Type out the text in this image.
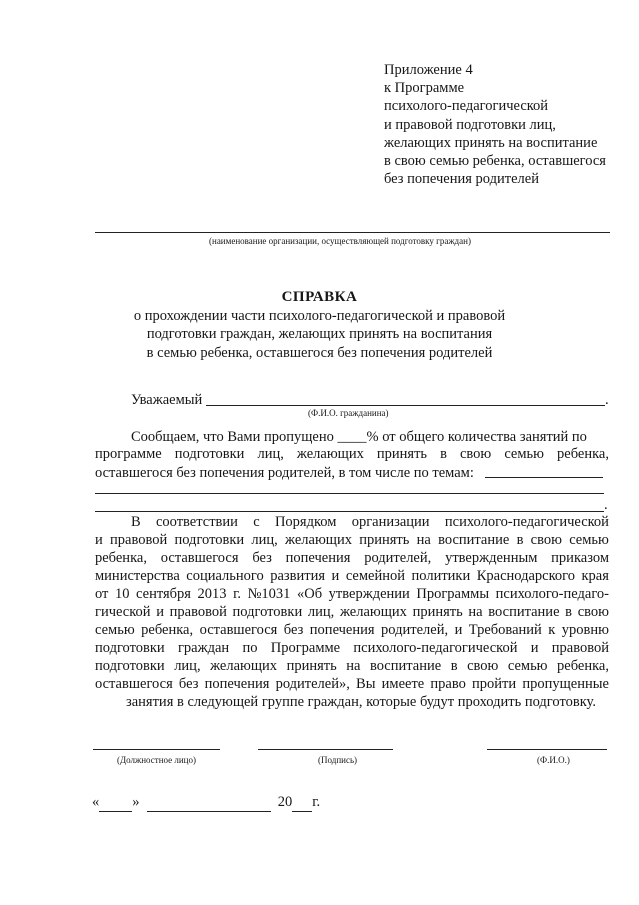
Приложение 4
к Программе
психолого-педагогической
и правовой подготовки лиц,
желающих принять на воспитание
в свою семью ребенка, оставшегося
без попечения родителей
(наименование организации, осуществляющей подготовку граждан)
СПРАВКА
о прохождении части психолого-педагогической и правовой
подготовки граждан, желающих принять на воспитания
в семью ребенка, оставшегося без попечения родителей
Уважаемый	.
(Ф.И.О. гражданина)
Сообщаем, что Вами пропущено ____% от общего количества занятий по
программе подготовки лиц, желающих принять в свою семью ребенка,
оставшегося без попечения родителей, в том числе по темам:
.
В соответствии с Порядком организации психолого-педагогической
и правовой подготовки лиц, желающих принять на воспитание в свою семью
ребенка, оставшегося без попечения родителей, утвержденным приказом
министерства социального развития и семейной политики Краснодарского края
от 10 сентября 2013 г. №1031 «Об утверждении Программы психолого-педаго-
гической и правовой подготовки лиц, желающих принять на воспитание в свою
семью ребенка, оставшегося без попечения родителей, и Требований к уровню
подготовки граждан по Программе психолого-педагогической и правовой
подготовки лиц, желающих принять на воспитание в свою семью ребенка,
оставшегося без попечения родителей», Вы имеете право пройти пропущенные
занятия в следующей группе граждан, которые будут проходить подготовку.
(Должностное лицо)	(Подпись)	(Ф.И.О.)
« »	20 г.
